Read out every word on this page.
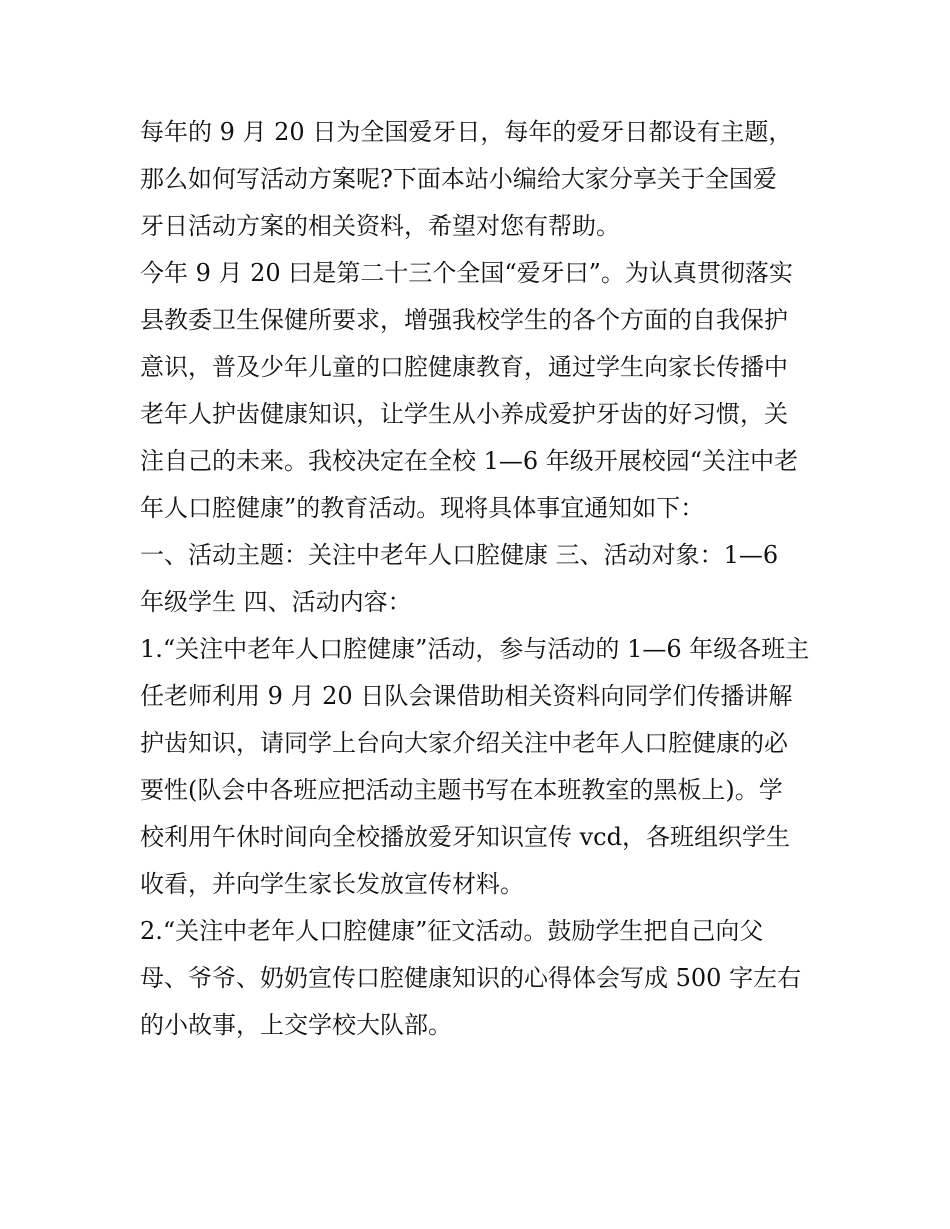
每年的 9 月 20 日为全国爱牙日，每年的爱牙日都设有主题，
那么如何写活动方案呢?下面本站小编给大家分享关于全国爱
牙日活动方案的相关资料，希望对您有帮助。
今年 9 月 20 曰是第二十三个全国“爱牙曰”。为认真贯彻落实
县教委卫生保健所要求，增强我校学生的各个方面的自我保护
意识，普及少年儿童的口腔健康教育，通过学生向家长传播中
老年人护齿健康知识，让学生从小养成爱护牙齿的好习惯，关
注自己的未来。我校决定在全校 1—6 年级开展校园“关注中老
年人口腔健康”的教育活动。现将具体事宜通知如下：
一、活动主题：关注中老年人口腔健康 三、活动对象：1—6
年级学生 四、活动内容：
1.“关注中老年人口腔健康”活动，参与活动的 1—6 年级各班主
任老师利用 9 月 20 日队会课借助相关资料向同学们传播讲解
护齿知识，请同学上台向大家介绍关注中老年人口腔健康的必
要性(队会中各班应把活动主题书写在本班教室的黑板上)。学
校利用午休时间向全校播放爱牙知识宣传 vcd，各班组织学生
收看，并向学生家长发放宣传材料。
2.“关注中老年人口腔健康”征文活动。鼓励学生把自己向父
母、爷爷、奶奶宣传口腔健康知识的心得体会写成 500 字左右
的小故事，上交学校大队部。
